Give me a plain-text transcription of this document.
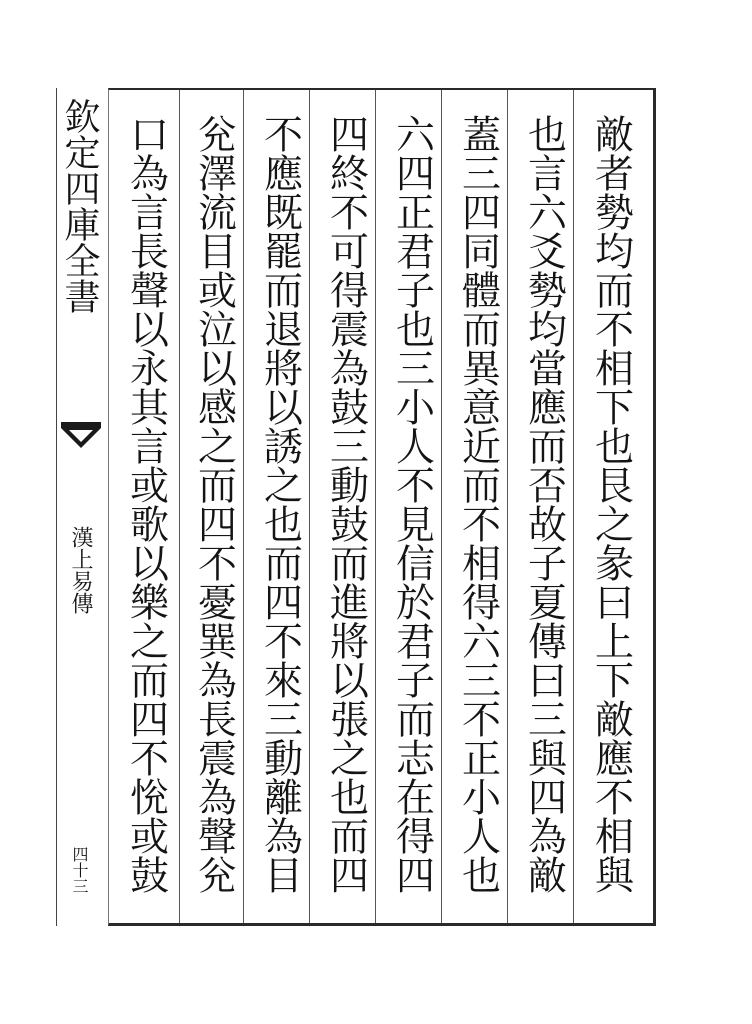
欽定四庫全書
漢上易傳
四十三	敵者勢均而不相下也艮之彖曰上下敵應不相與
也言六爻勢均當應而否故子夏傳曰三與四為敵
蓋三四同體而異意近而不相得六三不正小人也
六四正君子也三小人不見信於君子而志在得四
四終不可得震為鼓三動鼓而進將以張之也而四
不應既罷而退將以誘之也而四不來三動離為目
兊澤流目或泣以感之而四不憂巽為長震為聲兊
口為言長聲以永其言或歌以樂之而四不恱或鼓
